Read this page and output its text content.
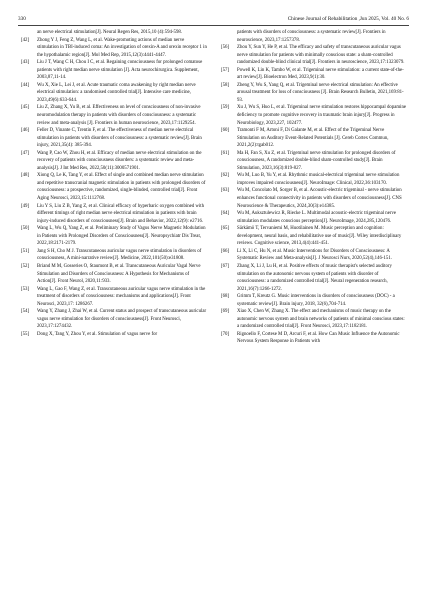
330	Chinese Journal of Rehabilitation ,Jun 2025, Vol. 40 No. 6

an nerve electrical stimulation[J]. Neural Regen Res, 2015,10 (4):594-598.

[42] Zhong Y J, Feng Z, Wang L, et al. Wake-promoting actions of median nerve stimulation in TBI-induced coma: An investigation of orexin-A and orexin receptor 1 in the hypothalamic region[J]. Mol Med Rep, 2015,12(3):4441-4447.

[43] Liu J T, Wang C H, Chou I C, et al. Regaining consciousness for prolonged comatose patients with right median nerve stimulation [J]. Acta neurochirurgica. Supplement, 2003,87,11-14.

[44] Wu X, Xie L, Lei J, et al. Acute traumatic coma awakening by right median nerve electrical stimulation: a randomised controlled trial[J]. Intensive care medicine, 2023,49(6):633-644.

[45] Liu Z, Zhang X, Yu B, et al. Effectiveness on level of consciousness of non-invasive neuromodulation therapy in patients with disorders of consciousness: a systematic review and meta-analysis [J]. Frontiers in human neuroscience, 2023,17:1129254.

[46] Feller D, Vinante C, Trentin F, et al. The effectiveness of median nerve electrical stimulation in patients with disorders of consciousness: a systematic review[J]. Brain injury, 2021,35(4): 385-394.

[47] Wang P, Cao W, Zhou H, et al. Efficacy of median nerve electrical stimulation on the recovery of patients with consciousness disorders: a systematic review and meta-analysis[J]. J Int Med Res, 2022,50(11):3000571901.

[48] Xiong Q, Le K, Tang Y, et al. Effect of single and combined median nerve stimulation and repetitive transcranial magnetic stimulation in patients with prolonged disorders of consciousness: a prospective, randomized, single-blinded, controlled trial[J]. Front Aging Neurosci, 2023,15:1112768.

[49] Liu Y S, Liu Z B, Yang Z, et al. Clinical efficacy of hyperbaric oxygen combined with different timings of right median nerve electrical stimulation in patients with brain injury-induced disorders of consciousness[J]. Brain and Behavior, 2022,12(9): e2716.

[50] Wang L, Wu Q, Yang Z, et al. Preliminary Study of Vagus Nerve Magnetic Modulation in Patients with Prolonged Disorders of Consciousness[J]. Neuropsychiatr Dis Treat, 2022,18:2171-2179.

[51] Jang S H, Cho M J. Transcutaneous auricular vagus nerve stimulation in disorders of consciousness, A mini-narrative review[J]. Medicine, 2022,101(50):e31808.

[52] Briand M M, Gosseries O, Staumont B, et al. Transcutaneous Auricular Vagal Nerve Stimulation and Disorders of Consciousness: A Hypothesis for Mechanisms of Action[J]. Front Neurol, 2020,11:933.

[53] Wang L, Gao F, Wang Z, et al. Transcutaneous auricular vagus nerve stimulation in the treatment of disorders of consciousness: mechanisms and applications[J]. Front Neurosci, 2023,17: 1286267.

[54] Wang Y, Zhang J, Zhai W, et al. Current status and prospect of transcutaneous auricular vagus nerve stimulation for disorders of consciousness[J]. Front Neurosci, 2023,17:1274432.

[55] Dong X, Tang Y, Zhou Y, et al. Stimulation of vagus nerve for

patients with disorders of consciousness: a systematic review[J]. Frontiers in neuroscience, 2023,17:1257378.

[56] Zhou Y, Sun Y, He P, et al. The efficacy and safety of transcutaneous auricular vagus nerve stimulation for patients with minimally conscious state: a sham-controlled randomized double-blind clinical trial[J]. Frontiers in neuroscience, 2023,17:1323079.

[57] Powell K, Lin K, Tambo W, et al. Trigeminal nerve stimulation: a current state-of-the-art review[J]. Bioelectron Med, 2023,9(1):30.

[58] Zheng Y, Wu S, Yang Q, et al. Trigeminal nerve electrical stimulation: An effective arousal treatment for loss of consciousness [J]. Brain Research Bulletin, 2021,169:81-93.

[59] Xu J, Wu S, Huo L, et al. Trigeminal nerve stimulation restores hippocampal dopamine deficiency to promote cognitive recovery in traumatic brain injury[J]. Progress in Neurobiology, 2023,227, 102477.

[60] Tramonti F M, Artoni F, Di Galante M, et al. Effect of the Trigeminal Nerve Stimulation on Auditory Event-Related Potentials [J]. Cereb Cortex Commun, 2021,2(2):tgab012.

[61] Ma H, Fan S, Xu Z, et al. Trigeminal nerve stimulation for prolonged disorders of consciousness, A randomized double-blind sham-controlled study[J]. Brain Stimulation, 2023,16(3):819-827.

[62] Wu M, Luo B, Yu Y, et al. Rhythmic musical-electrical trigeminal nerve stimulation improves impaired consciousness[J]. NeuroImage: Clinical, 2022,36:103170.

[63] Wu M, Concolato M, Sorger B, et al. Acoustic-electric trigeminal - nerve stimulation enhances functional connectivity in patients with disorders of consciousness[J]. CNS Neuroscience & Therapeutics, 2024,30(3):e14385.

[64] Wu M, Auksztulewicz R, Riecke L. Multimodal acoustic-electric trigeminal nerve stimulation modulates conscious perception[J]. NeuroImage, 2024,285,120476.

[65] Särkämö T, Tervaniemi M, Huotilainen M. Music perception and cognition: development, neural basis, and rehabilitative use of music[J]. Wiley interdisciplinary reviews. Cognitive science, 2013,4(4):441-451.

[66] Li X, Li C, Hu N, et al. Music Interventions for Disorders of Consciousness: A Systematic Review and Meta-analysis[J]. J Neurosci Nurs, 2020,52(4),146-151.

[67] Zhang X, Li J, Lu H, et al. Positive effects of music therapist's selected auditory stimulation on the autonomic nervous system of patients with disorder of consciousness: a randomized controlled trial[J]. Neural regeneration research, 2021,16(7):1266-1272.

[68] Grimm T, Kreutz G. Music interventions in disorders of consciousness (DOC) - a systematic review[J]. Brain injury, 2018, 32(6),704-714.

[69] Xiao X, Chen W, Zhang X. The effect and mechanisms of music therapy on the autonomic nervous system and brain networks of patients of minimal conscious states: a randomized controlled trial[J]. Front Neurosci, 2023,17:1182181.

[70] Rignoello F, Cortese M D, Arcuri F, et al. How Can Music Influence the Autonomic Nervous System Response in Patients with
